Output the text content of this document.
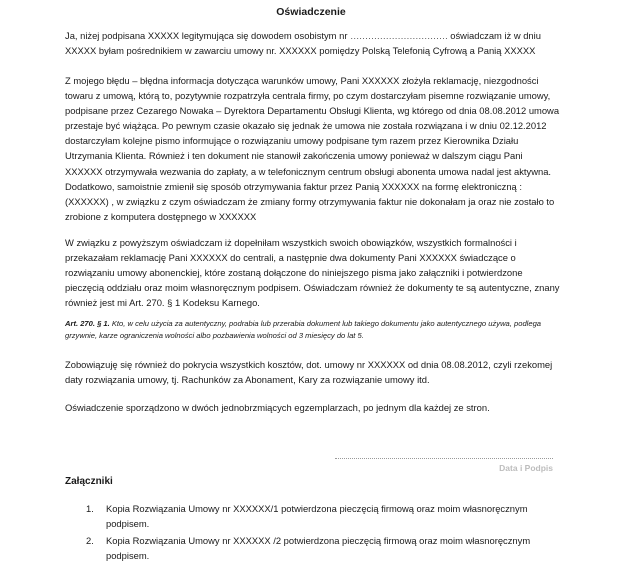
Oświadczenie

Ja, niżej podpisana XXXXX legitymująca się dowodem osobistym nr …………………………… oświadczam iż w dniu XXXXX byłam pośrednikiem w zawarciu umowy nr. XXXXXX pomiędzy Polską Telefonią Cyfrową a Panią XXXXX

Z mojego błędu – błędna informacja dotycząca warunków umowy, Pani XXXXXX złożyła reklamację, niezgodności towaru z umową, którą to, pozytywnie rozpatrzyła centrala firmy, po czym dostarczyłam pisemne rozwiązanie umowy, podpisane przez Cezarego Nowaka – Dyrektora Departamentu Obsługi Klienta, wg którego od dnia 08.08.2012 umowa przestaje być wiążąca. Po pewnym czasie okazało się jednak że umowa nie została rozwiązana i w dniu 02.12.2012 dostarczyłam kolejne pismo informujące o rozwiązaniu umowy podpisane tym razem przez Kierownika Działu Utrzymania Klienta. Również i ten dokument nie stanowił zakończenia umowy ponieważ w dalszym ciągu Pani XXXXXX otrzymywała wezwania do zapłaty, a w telefonicznym centrum obsługi abonenta umowa nadal jest aktywna. Dodatkowo, samoistnie zmienił się sposób otrzymywania faktur przez Panią XXXXXX na formę elektroniczną : (XXXXXX) , w związku z czym oświadczam że zmiany formy otrzymywania faktur nie dokonałam ja oraz nie zostało to zrobione z komputera dostępnego w XXXXXX

W związku z powyższym oświadczam iż dopełniłam wszystkich swoich obowiązków, wszystkich formalności i przekazałam reklamację Pani XXXXXX do centrali, a następnie dwa dokumenty Pani XXXXXX świadczące o rozwiązaniu umowy abonenckiej, które zostaną dołączone do niniejszego pisma jako załączniki i potwierdzone pieczęcią oddziału oraz moim własnoręcznym podpisem. Oświadczam również że dokumenty te są autentyczne, znany również jest mi Art. 270. § 1 Kodeksu Karnego.

Art. 270. § 1. Kto, w celu użycia za autentyczny, podrabia lub przerabia dokument lub takiego dokumentu jako autentycznego używa, podlega grzywnie, karze ograniczenia wolności albo pozbawienia wolności od 3 miesięcy do lat 5.

Zobowiązuję się również do pokrycia wszystkich kosztów, dot. umowy nr XXXXXX od dnia 08.08.2012, czyli rzekomej daty rozwiązania umowy, tj. Rachunków za Abonament, Kary za rozwiązanie umowy itd.

Oświadczenie sporządzono w dwóch jednobrzmiących egzemplarzach, po jednym dla każdej ze stron.

Data i Podpis
Załączniki
1. Kopia Rozwiązania Umowy nr XXXXXX/1 potwierdzona pieczęcią firmową oraz moim własnoręcznym podpisem.
2. Kopia Rozwiązania Umowy nr XXXXXX /2 potwierdzona pieczęcią firmową oraz moim własnoręcznym podpisem.
